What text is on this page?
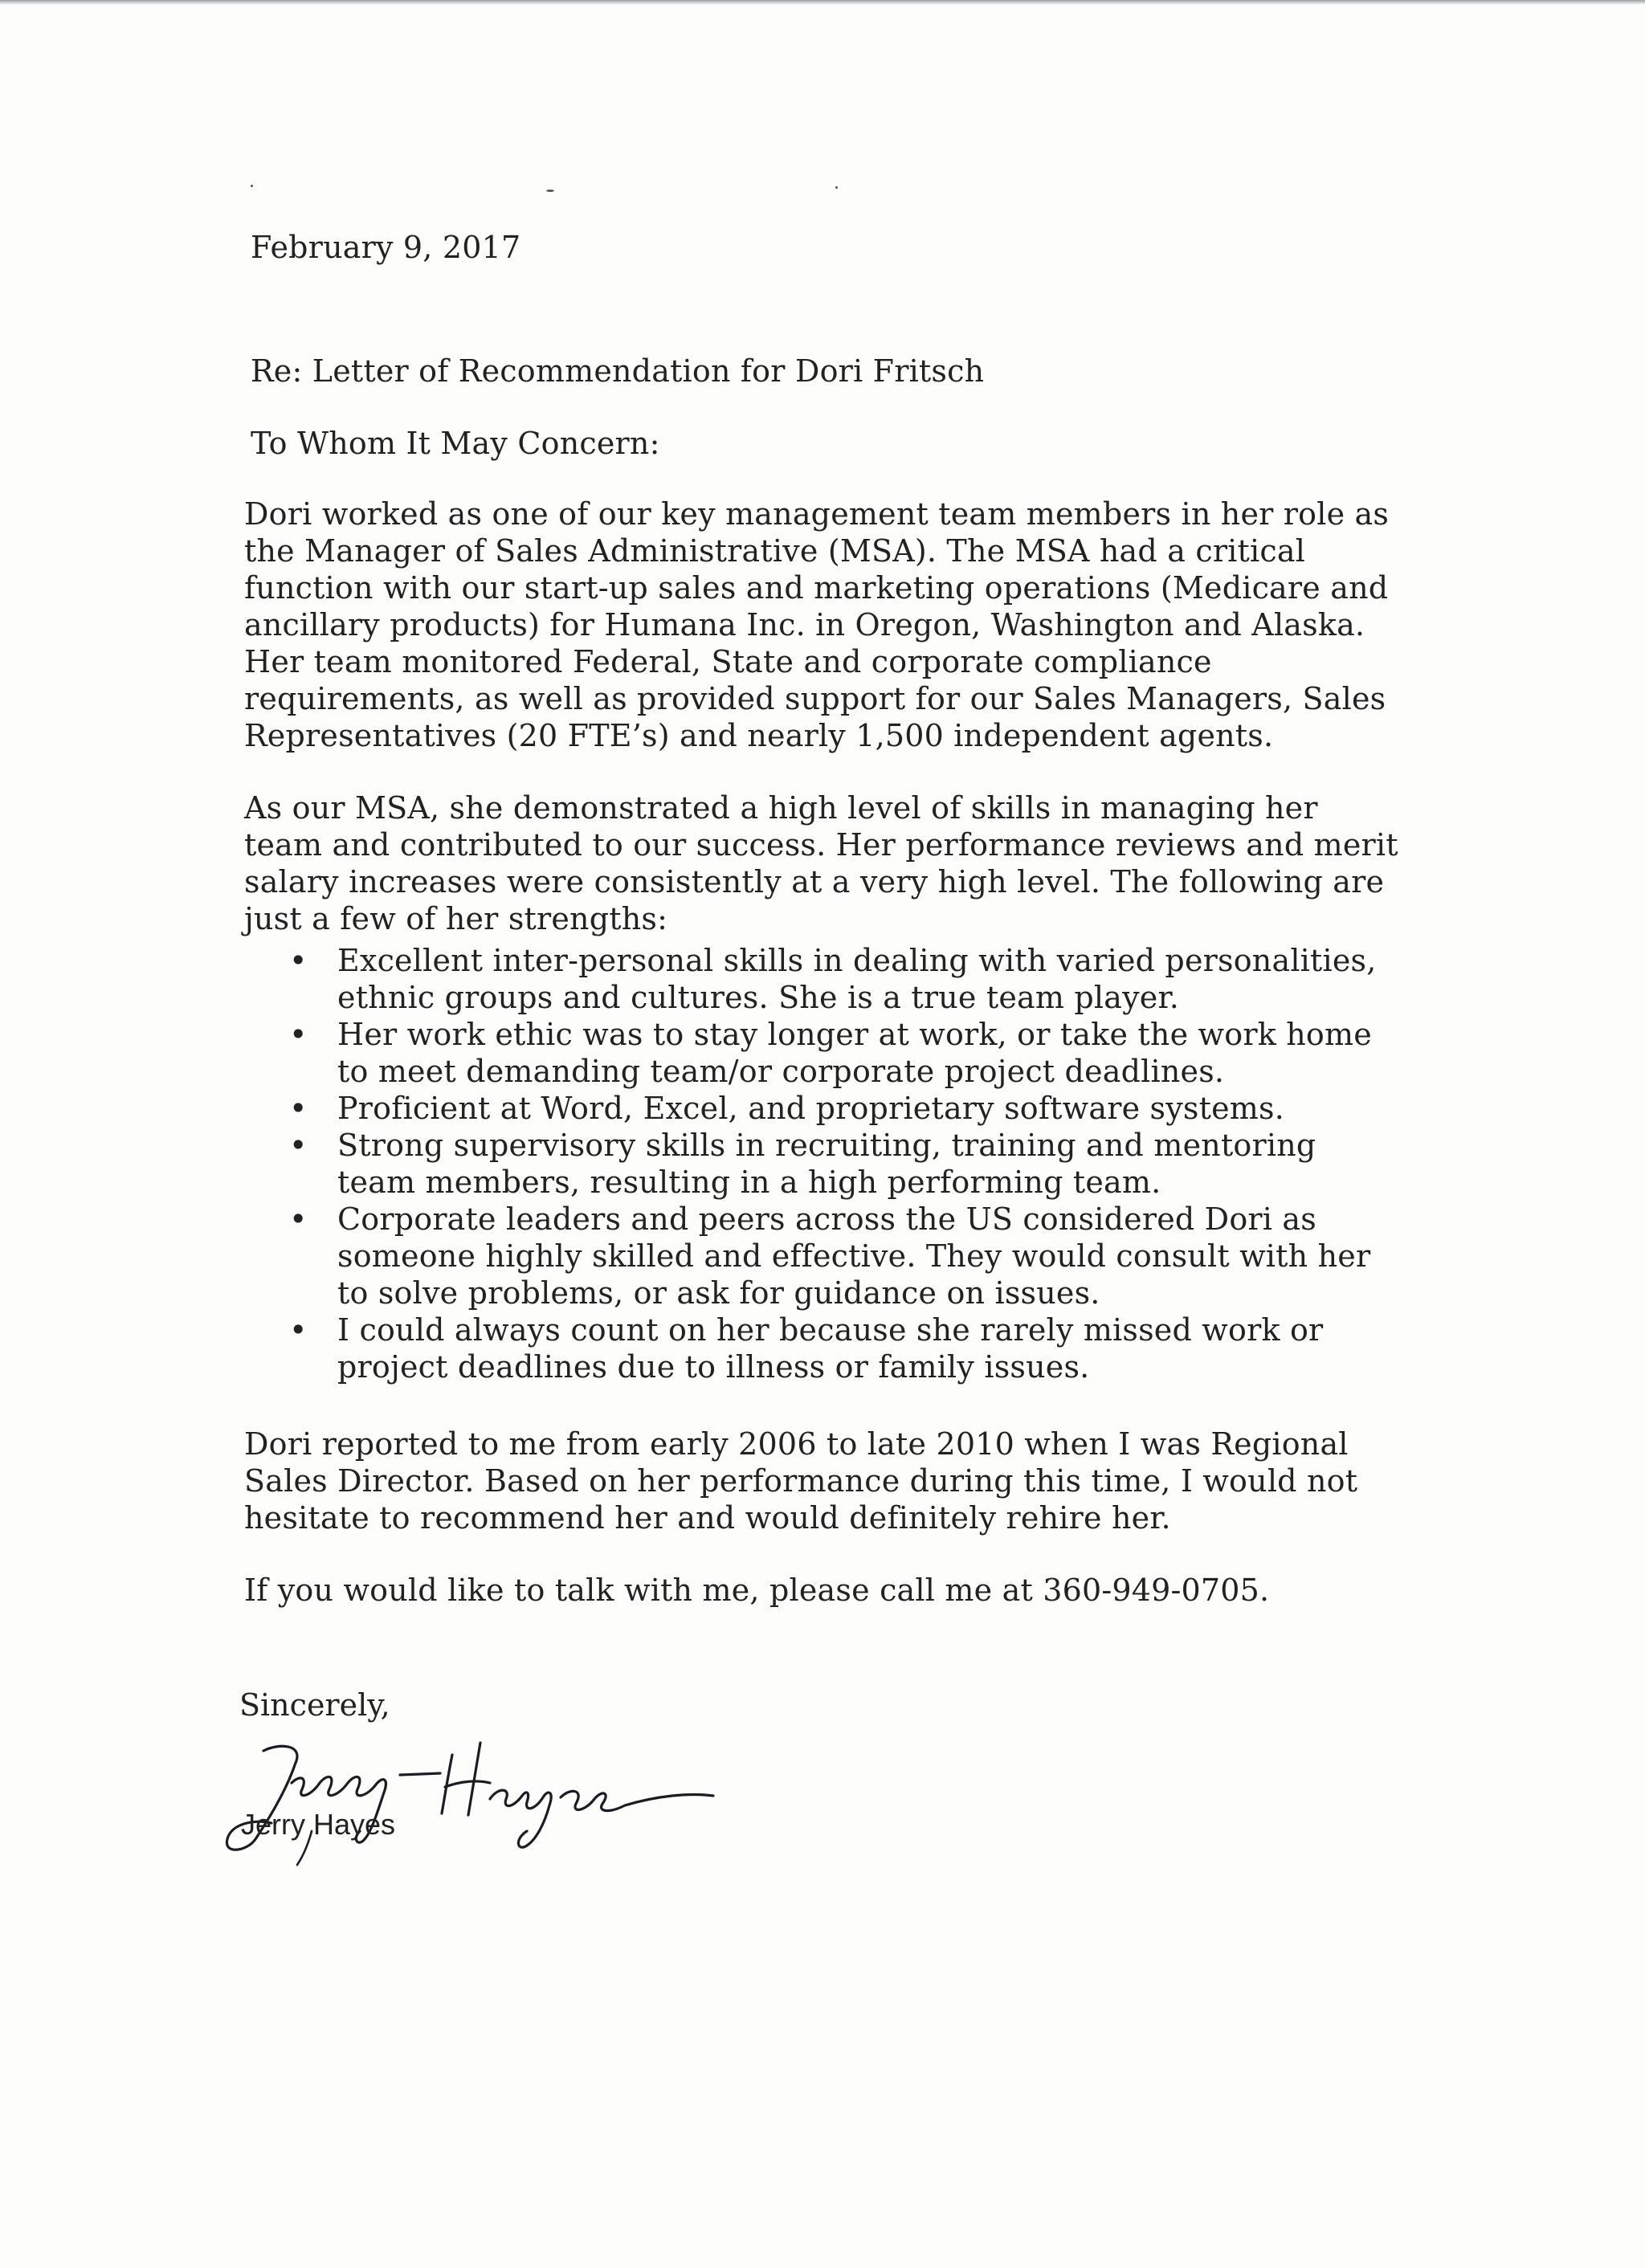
February 9, 2017
Re: Letter of Recommendation for Dori Fritsch
To Whom It May Concern:
Dori worked as one of our key management team members in her role as
the Manager of Sales Administrative (MSA). The MSA had a critical
function with our start-up sales and marketing operations (Medicare and
ancillary products) for Humana Inc. in Oregon, Washington and Alaska.
Her team monitored Federal, State and corporate compliance
requirements, as well as provided support for our Sales Managers, Sales
Representatives (20 FTE’s) and nearly 1,500 independent agents.
As our MSA, she demonstrated a high level of skills in managing her
team and contributed to our success. Her performance reviews and merit
salary increases were consistently at a very high level. The following are
just a few of her strengths:
• Excellent inter-personal skills in dealing with varied personalities,
ethnic groups and cultures. She is a true team player.
• Her work ethic was to stay longer at work, or take the work home
to meet demanding team/or corporate project deadlines.
• Proficient at Word, Excel, and proprietary software systems.
• Strong supervisory skills in recruiting, training and mentoring
team members, resulting in a high performing team.
• Corporate leaders and peers across the US considered Dori as
someone highly skilled and effective. They would consult with her
to solve problems, or ask for guidance on issues.
• I could always count on her because she rarely missed work or
project deadlines due to illness or family issues.
Dori reported to me from early 2006 to late 2010 when I was Regional
Sales Director. Based on her performance during this time, I would not
hesitate to recommend her and would definitely rehire her.
If you would like to talk with me, please call me at 360-949-0705.
Sincerely,
Jerry Hayes
